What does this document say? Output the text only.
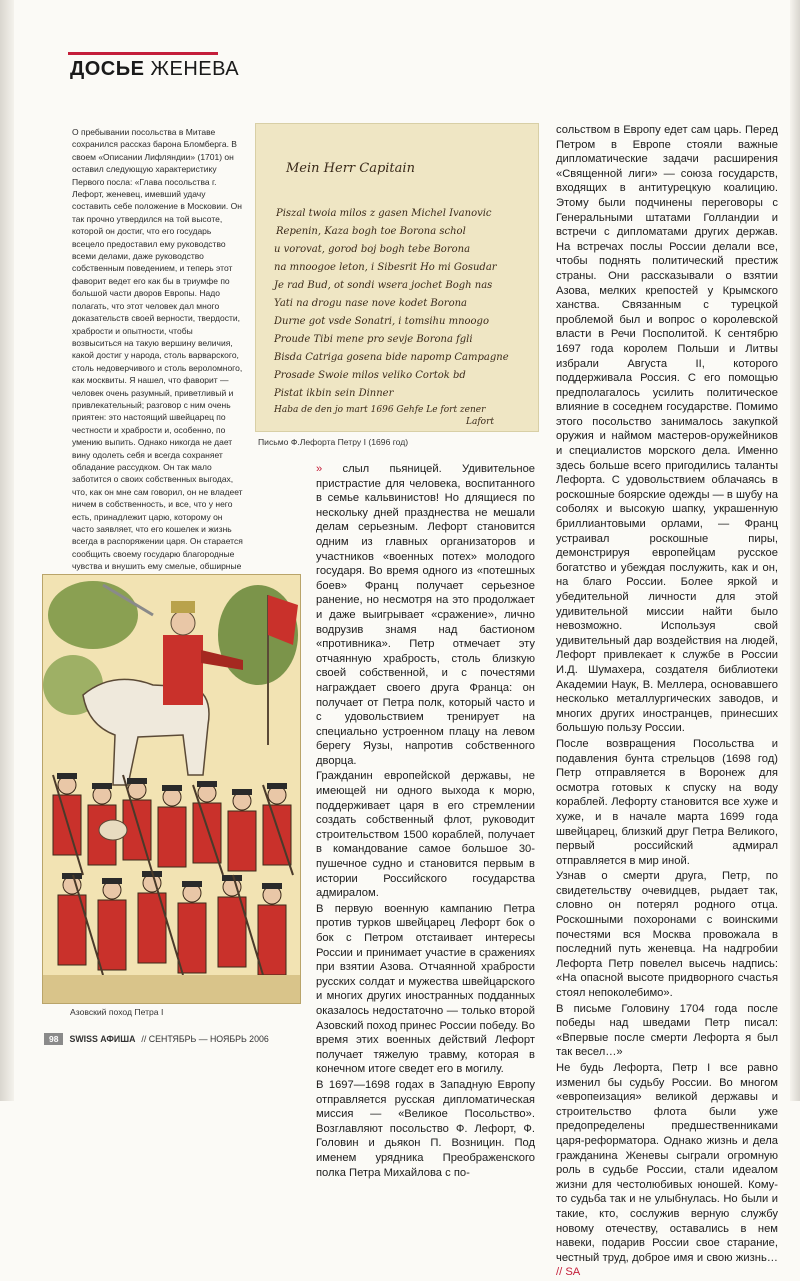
ДОСЬЕ ЖЕНЕВА

О пребывании посольства в Митаве сохранился рассказ барона Бломберга. В своем «Описании Лифляндии» (1701) он оставил следующую характеристику Первого посла: «Глава посольства г. Лефорт, женевец, имевший удачу составить себе положение в Московии. Он так прочно утвердился на той высоте, которой он достиг, что его государь всецело предоставил ему руководство всеми делами, даже руководство собственным поведением, и теперь этот фаворит ведет его как бы в триумфе по большой части дворов Европы. Надо полагать, что этот человек дал много доказательств своей верности, твердости, храбрости и опытности, чтобы возвыситься на такую вершину величия, какой достиг у народа, столь варварского, столь недоверчивого и столь вероломного, как москвиты. Я нашел, что фаворит — человек очень разумный, приветливый и привлекательный; разговор с ним очень приятен: это настоящий швейцарец по честности и храбрости и, особенно, по умению выпить. Однако никогда не дает вину одолеть себя и всегда сохраняет обладание рассудком. Он так мало заботится о своих собственных выгодах, что, как он мне сам говорил, он не владеет ничем в собственность, и все, что у него есть, принадлежит царю, которому он часто заявляет, что его кошелек и жизнь всегда в распоряжении царя. Он старается сообщить своему государю благородные чувства и внушить ему смелые, обширные

Mein Herr Capitain
Piszal twoia milos z gasen Michel Ivanovic
Repenin, Kaza bogh toe Borona schol
u vorovat, gorod boj bogh tebe Borona
na mnoogoe leton, i Sibesrit Ho mi Gosudar
Je rad Bud, ot sondi wsera jochet Bogh nas
Yati na drogu nase nove kodet Borona
Durne got vsde Sonatri, i tomsihu mnoogo
Proude Tibi mene pro sevje Borona fgli
Bisda Catriga gosena bide napomp Campagne
Prosade Swoie milos veliko Cortok bd
Pistat ikbin sein Dinner
Haba de den jo mart 1696 Gehfe Le fort zener
Lafort
Письмо Ф.Лефорта Петру I (1696 год)
Азовский поход Петра I

» слыл пьяницей. Удивительное пристрастие для человека, воспитанного в семье кальвинистов! Но длящиеся по нескольку дней празднества не мешали делам серьезным. Лефорт становится одним из главных организаторов и участников «военных потех» молодого государя. Во время одного из «потешных боев» Франц получает серьезное ранение, но несмотря на это продолжает и даже выигрывает «сражение», лично водрузив знамя над бастионом «противника». Петр отмечает эту отчаянную храбрость, столь близкую своей собственной, и с почестями награждает своего друга Франца: он получает от Петра полк, который часто и с удовольствием тренирует на специально устроенном плацу на левом берегу Яузы, напротив собственного дворца.

Гражданин европейской державы, не имеющей ни одного выхода к морю, поддерживает царя в его стремлении создать собственный флот, руководит строительством 1500 кораблей, получает в командование самое большое 30-пушечное судно и становится первым в истории Российского государства адмиралом.

В первую военную кампанию Петра против турков швейцарец Лефорт бок о бок с Петром отстаивает интересы России и принимает участие в сражениях при взятии Азова. Отчаянной храбрости русских солдат и мужества швейцарского и многих других иностранных подданных оказалось недостаточно — только второй Азовский поход принес России победу. Во время этих военных действий Лефорт получает тяжелую травму, которая в конечном итоге сведет его в могилу.

В 1697—1698 годах в Западную Европу отправляется русская дипломатическая миссия — «Великое Посольство». Возглавляют посольство Ф. Лефорт, Ф. Головин и дьякон П. Возницин. Под именем урядника Преображенского полка Петра Михайлова с по-

сольством в Европу едет сам царь. Перед Петром в Европе стояли важные дипломатические задачи расширения «Священной лиги» — союза государств, входящих в антитурецкую коалицию. Этому были подчинены переговоры с Генеральными штатами Голландии и встречи с дипломатами других держав. На встречах послы России делали все, чтобы поднять политический престиж страны. Они рассказывали о взятии Азова, мелких крепостей у Крымского ханства. Связанным с турецкой проблемой был и вопрос о королевской власти в Речи Посполитой. К сентябрю 1697 года королем Польши и Литвы избрали Августа II, которого поддерживала Россия. С его помощью предполагалось усилить политическое влияние в соседнем государстве. Помимо этого посольство занималось закупкой оружия и наймом мастеров-оружейников и специалистов морского дела. Именно здесь больше всего пригодились таланты Лефорта. С удовольствием облачаясь в роскошные боярские одежды — в шубу на соболях и высокую шапку, украшенную бриллиантовыми орлами, — Франц устраивал роскошные пиры, демонстрируя европейцам русское богатство и убеждая послужить, как и он, на благо России. Более яркой и убедительной личности для этой удивительной миссии найти было невозможно. Используя свой удивительный дар воздействия на людей, Лефорт привлекает к службе в России И.Д. Шумахера, создателя библиотеки Академии Наук, В. Меллера, основавшего несколько металлургических заводов, и многих других иностранцев, принесших большую пользу России.

После возвращения Посольства и подавления бунта стрельцов (1698 год) Петр отправляется в Воронеж для осмотра готовых к спуску на воду кораблей. Лефорту становится все хуже и хуже, и в начале марта 1699 года швейцарец, близкий друг Петра Великого, первый российский адмирал отправляется в мир иной.

Узнав о смерти друга, Петр, по свидетельству очевидцев, рыдает так, словно он потерял родного отца. Роскошными похоронами с воинскими почестями вся Москва провожала в последний путь женевца. На надгробии Лефорта Петр повелел высечь надпись: «На опасной высоте придворного счастья стоял непоколебимо».

В письме Головину 1704 года после победы над шведами Петр писал: «Впервые после смерти Лефорта я был так весел…»

Не будь Лефорта, Петр I все равно изменил бы судьбу России. Во многом «европеизация» великой державы и строительство флота были уже предопределены предшественниками царя-реформатора. Однако жизнь и дела гражданина Женевы сыграли огромную роль в судьбе России, стали идеалом жизни для честолюбивых юношей. Кому-то судьба так и не улыбнулась. Но были и такие, кто, сослужив верную службу новому отечеству, оставались в нем навеки, подарив России свое старание, честный труд, доброе имя и свою жизнь… // SA

98	SWISS АФИША // СЕНТЯБРЬ — НОЯБРЬ 2006
